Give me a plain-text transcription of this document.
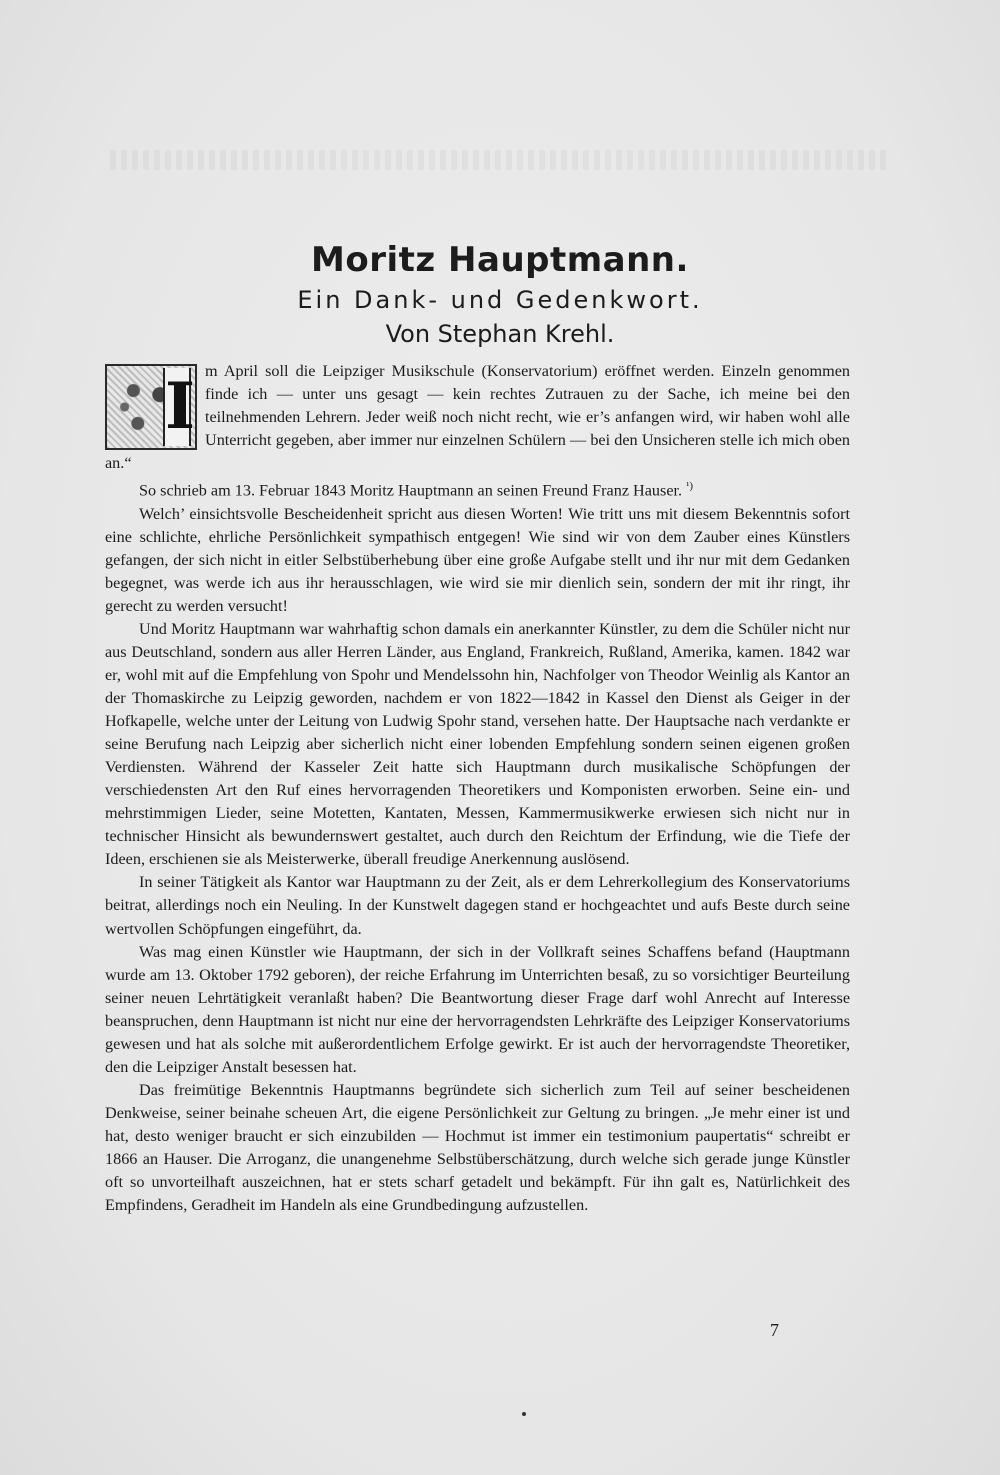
Moritz Hauptmann.
Ein Dank- und Gedenkwort.
Von Stephan Krehl.

I m April soll die Leipziger Musikschule (Konservatorium) eröffnet werden. Einzeln genommen finde ich — unter uns gesagt — kein rechtes Zutrauen zu der Sache, ich meine bei den teilnehmenden Lehrern. Jeder weiß noch nicht recht, wie er’s anfangen wird, wir haben wohl alle Unterricht gegeben, aber immer nur einzelnen Schülern — bei den Unsicheren stelle ich mich oben an.“

So schrieb am 13. Februar 1843 Moritz Hauptmann an seinen Freund Franz Hauser. $^{^1)}$

Welch’ einsichtsvolle Bescheidenheit spricht aus diesen Worten! Wie tritt uns mit diesem Bekenntnis sofort eine schlichte, ehrliche Persönlichkeit sympathisch entgegen! Wie sind wir von dem Zauber eines Künstlers gefangen, der sich nicht in eitler Selbstüberhebung über eine große Aufgabe stellt und ihr nur mit dem Gedanken begegnet, was werde ich aus ihr herausschlagen, wie wird sie mir dienlich sein, sondern der mit ihr ringt, ihr gerecht zu werden versucht!

Und Moritz Hauptmann war wahrhaftig schon damals ein anerkannter Künstler, zu dem die Schüler nicht nur aus Deutschland, sondern aus aller Herren Länder, aus England, Frankreich, Rußland, Amerika, kamen. 1842 war er, wohl mit auf die Empfehlung von Spohr und Mendelssohn hin, Nachfolger von Theodor Weinlig als Kantor an der Thomaskirche zu Leipzig geworden, nachdem er von 1822—1842 in Kassel den Dienst als Geiger in der Hofkapelle, welche unter der Leitung von Ludwig Spohr stand, versehen hatte. Der Hauptsache nach verdankte er seine Berufung nach Leipzig aber sicherlich nicht einer lobenden Empfehlung sondern seinen eigenen großen Verdiensten. Während der Kasseler Zeit hatte sich Hauptmann durch musikalische Schöpfungen der verschiedensten Art den Ruf eines hervorragenden Theoretikers und Komponisten erworben. Seine ein- und mehrstimmigen Lieder, seine Motetten, Kantaten, Messen, Kammermusikwerke erwiesen sich nicht nur in technischer Hinsicht als bewundernswert gestaltet, auch durch den Reichtum der Erfindung, wie die Tiefe der Ideen, erschienen sie als Meisterwerke, überall freudige Anerkennung auslösend.

In seiner Tätigkeit als Kantor war Hauptmann zu der Zeit, als er dem Lehrerkollegium des Konservatoriums beitrat, allerdings noch ein Neuling. In der Kunstwelt dagegen stand er hochgeachtet und aufs Beste durch seine wertvollen Schöpfungen eingeführt, da.

Was mag einen Künstler wie Hauptmann, der sich in der Vollkraft seines Schaffens befand (Hauptmann wurde am 13. Oktober 1792 geboren), der reiche Erfahrung im Unterrichten besaß, zu so vorsichtiger Beurteilung seiner neuen Lehrtätigkeit veranlaßt haben? Die Beantwortung dieser Frage darf wohl Anrecht auf Interesse beanspruchen, denn Hauptmann ist nicht nur eine der hervorragendsten Lehrkräfte des Leipziger Konservatoriums gewesen und hat als solche mit außerordentlichem Erfolge gewirkt. Er ist auch der hervorragendste Theoretiker, den die Leipziger Anstalt besessen hat.

Das freimütige Bekenntnis Hauptmanns begründete sich sicherlich zum Teil auf seiner bescheidenen Denkweise, seiner beinahe scheuen Art, die eigene Persönlichkeit zur Geltung zu bringen. „Je mehr einer ist und hat, desto weniger braucht er sich einzubilden — Hochmut ist immer ein testimonium paupertatis“ schreibt er 1866 an Hauser. Die Arroganz, die unangenehme Selbstüberschätzung, durch welche sich gerade junge Künstler oft so unvorteilhaft auszeichnen, hat er stets scharf getadelt und bekämpft. Für ihn galt es, Natürlichkeit des Empfindens, Geradheit im Handeln als eine Grundbedingung aufzustellen.

7
